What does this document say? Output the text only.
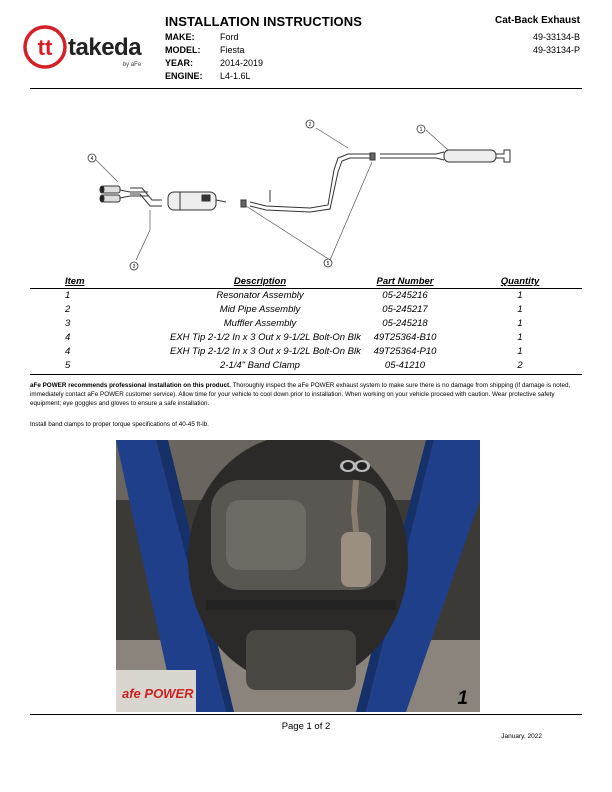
tt takeda
by aFe
INSTALLATION INSTRUCTIONS
MAKE:	Ford
MODEL: Fiesta
YEAR:	2014-2019
ENGINE: L4-1.6L
Cat-Back Exhaust
49-33134-B
49-33134-P
1
2
3
4
5
Item	Description	Part Number	Quantity
1	Resonator Assembly	05-245216	1
2	Mid Pipe Assembly	05-245217	1
3	Muffler Assembly	05-245218	1
4	EXH Tip 2-1/2 In x 3 Out x 9-1/2L Bolt-On Blk	49T25364-B10	1
4	EXH Tip 2-1/2 In x 3 Out x 9-1/2L Bolt-On Blk	49T25364-P10	1
5	2-1/4" Band Clamp	05-41210	2
aFe POWER recommends professional installation on this product. Thoroughly inspect the aFe POWER exhaust system to make sure there is no damage from shipping (if damage is noted, immediately contact aFe POWER customer service). Allow time for your vehicle to cool down prior to installation. When working on your vehicle proceed with caution. Wear protective safety equipment; eye goggles and gloves to ensure a safe installation.
Install band clamps to proper torque specifications of 40-45 ft-lb.
afe POWER	1
Page 1 of 2
January, 2022
